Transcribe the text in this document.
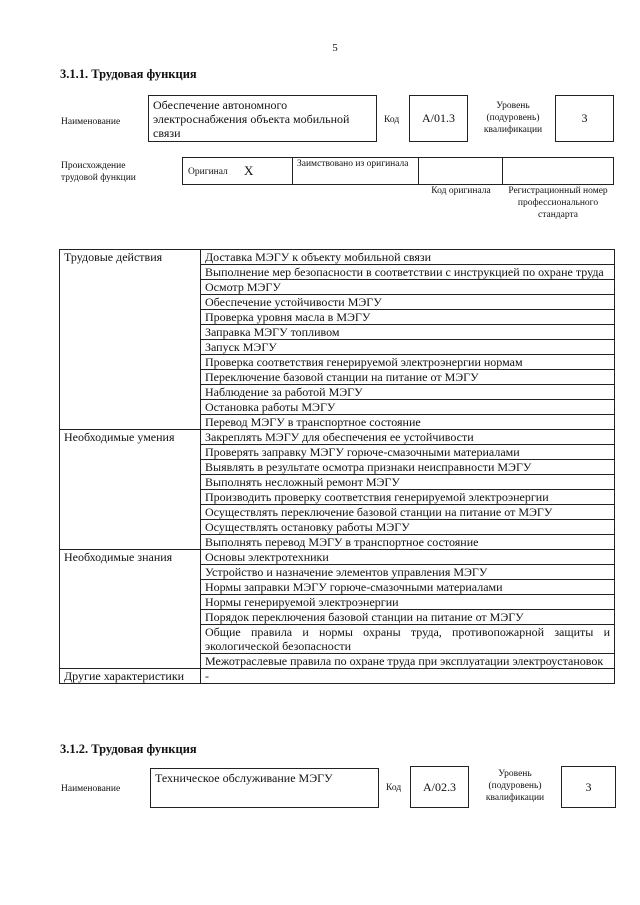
5
3.1.1. Трудовая функция
Наименование
Обеспечение автономного электроснабжения объекта мобильной связи
Код	A/01.3
Уровень (подуровень) квалификации
3
Происхождение трудовой функции
Оригинал X	Заимствовано из оригинала
Код оригинала	Регистрационный номер профессионального стандарта
Трудовые действия	Доставка МЭГУ к объекту мобильной связи
	Выполнение мер безопасности в соответствии с инструкцией по охране труда
	Осмотр МЭГУ
	Обеспечение устойчивости МЭГУ
	Проверка уровня масла в МЭГУ
	Заправка МЭГУ топливом
	Запуск МЭГУ
	Проверка соответствия генерируемой электроэнергии нормам
	Переключение базовой станции на питание от МЭГУ
	Наблюдение за работой МЭГУ
	Остановка работы МЭГУ
	Перевод МЭГУ в транспортное состояние
Необходимые умения	Закреплять МЭГУ для обеспечения ее устойчивости
	Проверять заправку МЭГУ горюче-смазочными материалами
	Выявлять в результате осмотра признаки неисправности МЭГУ
	Выполнять несложный ремонт МЭГУ
	Производить проверку соответствия генерируемой электроэнергии
	Осуществлять переключение базовой станции на питание от МЭГУ
	Осуществлять остановку работы МЭГУ
	Выполнять перевод МЭГУ в транспортное состояние
Необходимые знания	Основы электротехники
	Устройство и назначение элементов управления МЭГУ
	Нормы заправки МЭГУ горюче-смазочными материалами
	Нормы генерируемой электроэнергии
	Порядок переключения базовой станции на питание от МЭГУ
	Общие правила и нормы охраны труда, противопожарной защиты и экологической безопасности
	Межотраслевые правила по охране труда при эксплуатации электроустановок
Другие характеристики	-
3.1.2. Трудовая функция
Наименование
Техническое обслуживание МЭГУ
Код	A/02.3
Уровень (подуровень) квалификации
3
